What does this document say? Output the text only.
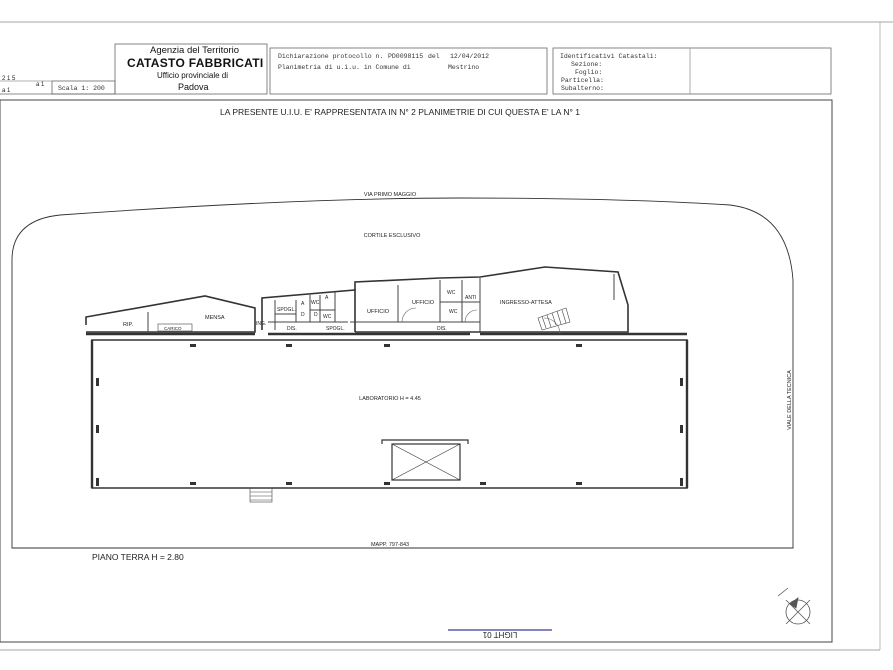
Agenzia del Territorio
CATASTO FABBRICATI
Ufficio provinciale di
Padova
Scala 1: 200
Dichiarazione protocollo n. PD0098115 del 12/04/2012
Planimetria di u.i.u. in Comune di	Mestrino
Identificativi Catastali:
Sezione:
Foglio:
Particella:
Subalterno:
2 1 5
a 1
a 1
LA PRESENTE U.I.U. E' RAPPRESENTATA IN N° 2 PLANIMETRIE DI CUI QUESTA E' LA N° 1
VIA PRIMO MAGGIO
CORTILE ESCLUSIVO
VIALE DELLA TECNICA
MAPP. 797-843
PIANO TERRA H = 2.80
LIGHT 01
RIP.
CARICO
MENSA
ING.
SPOGL.
A
D
WC
A
D WC
DIS.	SPOGL.
UFFICIO
UFFICIO
WC
ANTI
WC
DIS.
INGRESSO-ATTESA
LABORATORIO H = 4.45
